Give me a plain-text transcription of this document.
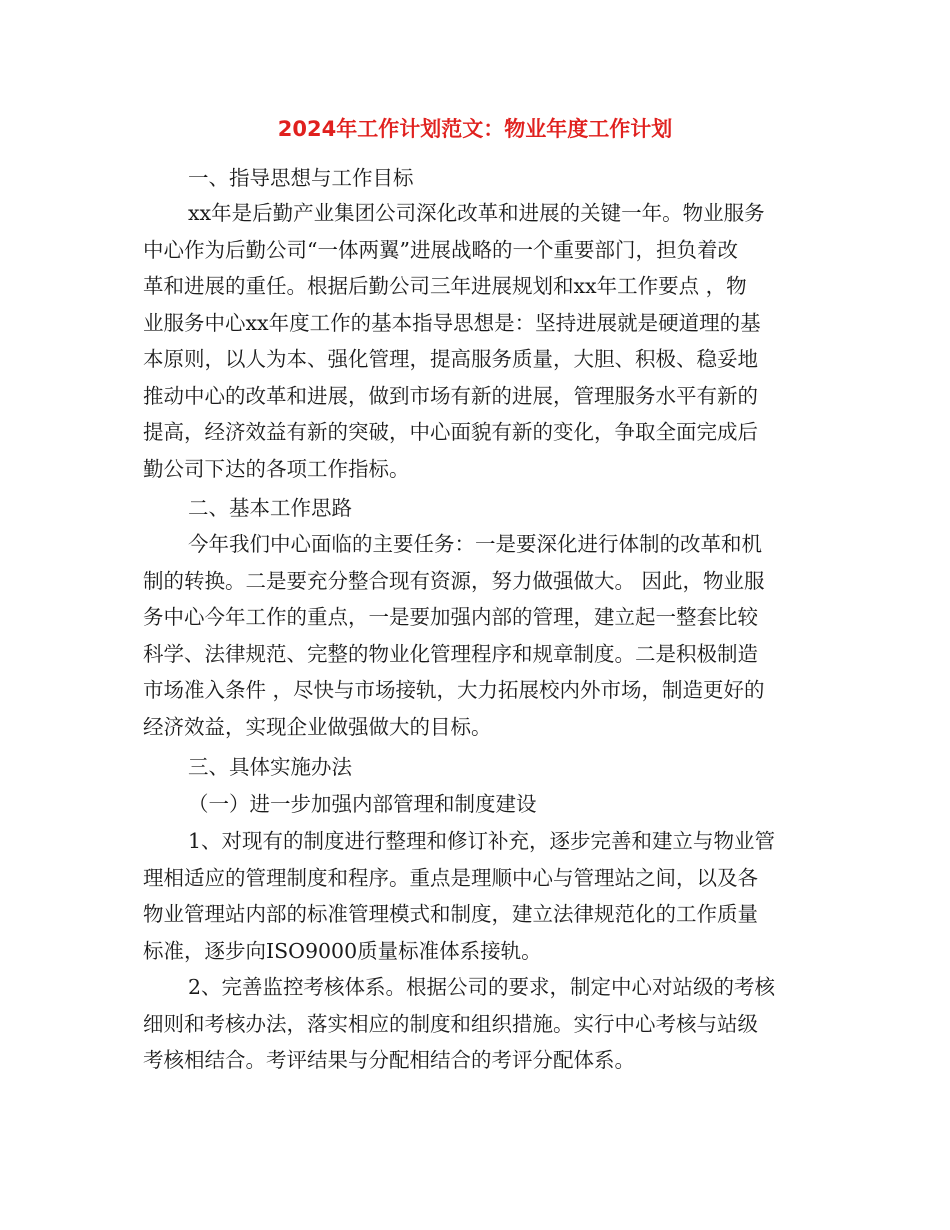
2024年工作计划范文：物业年度工作计划
一、指导思想与工作目标
xx年是后勤产业集团公司深化改革和进展的关键一年。物业服务
中心作为后勤公司“一体两翼”进展战略的一个重要部门，担负着改
革和进展的重任。根据后勤公司三年进展规划和xx年工作要点 ，物
业服务中心xx年度工作的基本指导思想是：坚持进展就是硬道理的基
本原则，以人为本、强化管理，提高服务质量，大胆、积极、稳妥地
推动中心的改革和进展，做到市场有新的进展，管理服务水平有新的
提高，经济效益有新的突破，中心面貌有新的变化，争取全面完成后
勤公司下达的各项工作指标。
二、基本工作思路
今年我们中心面临的主要任务：一是要深化进行体制的改革和机
制的转换。二是要充分整合现有资源，努力做强做大。 因此，物业服
务中心今年工作的重点，一是要加强内部的管理，建立起一整套比较
科学、法律规范、完整的物业化管理程序和规章制度。二是积极制造
市场准入条件 ，尽快与市场接轨，大力拓展校内外市场，制造更好的
经济效益，实现企业做强做大的目标。
三、具体实施办法
（一）进一步加强内部管理和制度建设
1、对现有的制度进行整理和修订补充，逐步完善和建立与物业管
理相适应的管理制度和程序。重点是理顺中心与管理站之间，以及各
物业管理站内部的标准管理模式和制度，建立法律规范化的工作质量
标准，逐步向ISO9000质量标准体系接轨。
2、完善监控考核体系。根据公司的要求，制定中心对站级的考核
细则和考核办法，落实相应的制度和组织措施。实行中心考核与站级
考核相结合。考评结果与分配相结合的考评分配体系。
